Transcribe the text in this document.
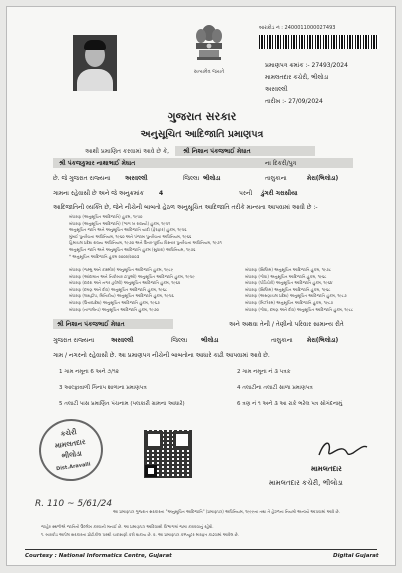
સત્યમેવ જયતે
બારકોડ નં : 2400011000027493
પ્રમાણપત્ર ક્રમાંક :- 27493/2024
મામલતદાર કચેરી, ભીલોડા
અરવલ્લી
તારીખ :- 27/09/2024
ગુજરાત સરકાર
અનુસૂચિત આદિજાતિ પ્રમાણપત્ર
આથી પ્રમાણિત કરવામાં આવે છે કે, શ્રી નિશાન પંકજભાઈ મેઘાત
શ્રી પંકજકુમાર નાથાભાઈ મેઘાત	ના દિકરી/પુત્ર
છે. જે ગુજરાત રાજ્યના અરવલ્લી	જિલ્લા ભીલોડા	તાલુકાના	મેરા(ભિલોડા)
ગામના રહેવાસી છે અને જે અનુક્રમાંક	4	પરની ડુંગરી ગરાસીયા
આદિજાતિની વ્યક્તિ છે, જેને નીચેની બાબતો હેઠળ અનુસૂચિત આદિજાતિ તરીકે માન્યતા આપવામાં આવી છે :-
બંધારણ (અનુસૂચિત આદિજાતિ) હુકમ, ૧૯૫૦
બંધારણ (અનુસૂચિત આદિજાતિ) (ભાગ ખ રાજ્યો) હુકમ, ૧૯૫૧
અનુસૂચિત જાતિ અને અનુસૂચિત આદિજાતિ યાદી (ફેરફાર) હુકમ, ૧૯૫૬
મુંબઈ પુનર્રચના અધિનિયમ, ૧૯૬૦ અને પંજાબ પુનર્રચના અધિનિયમ, ૧૯૬૬
હિમાચલ પ્રદેશ રાજ્ય અધિનિયમ, ૧૯૭૦ અને ઉત્તર-પૂર્વીય વિસ્તાર પુનર્રચના અધિનિયમ, ૧૯૭૧
અનુસૂચિત જાતિ અને અનુસૂચિત આદિજાતિ હુકમ (સુધારા) અધિનિયમ, ૧૯૭૬
* અનુસૂચિત આદિજાતિ હુકમ ૨૦૦૨/૨૦૦૩
બંધારણ (જમ્મુ અને કાશ્મીર) અનુસૂચિત આદિજાતિ હુકમ, ૧૯૮૯
બંધારણ (આંદામાન અને નિકોબાર ટાપુઓ) અનુસૂચિત આદિજાતિ હુકમ, ૧૯૫૯
બંધારણ (દાદરા અને નગર હવેલી) અનુસૂચિત આદિજાતિ હુકમ, ૧૯૬૨
બંધારણ (દમણ અને દીવ) અનુસૂચિત આદિજાતિ હુકમ, ૧૯૬૮
બંધારણ (લક્ષદ્વીપ, મિનિકોય) અનુસૂચિત આદિજાતિ હુકમ, ૧૯૫૬
બંધારણ (ઉત્તરપ્રદેશ) અનુસૂચિત આદિજાતિ હુકમ, ૧૯૬૭
બંધારણ (નાગાલેન્ડ) અનુસૂચિત આદિજાતિ હુકમ, ૧૯૭૦
બંધારણ (સિક્કિમ) અનુસૂચિત આદિજાતિ હુકમ, ૧૯૭૮
બંધારણ (ગોવા) અનુસૂચિત આદિજાતિ હુકમ, ૧૯૬૮
બંધારણ (પોંડિચેરી) અનુસૂચિત આદિજાતિ હુકમ, ૧૯૬૪
બંધારણ (સિક્કિમ) અનુસૂચિત આદિજાતિ હુકમ, ૧૯૬૮
બંધારણ (અરુણાચલ પ્રદેશ) અનુસૂચિત આદિજાતિ હુકમ, ૧૯૮૭
બંધારણ (મિઝોરમ) અનુસૂચિત આદિજાતિ હુકમ, ૧૯૮૭
બંધારણ (ગોવા, દમણ અને દીવ) અનુસૂચિત આદિજાતિ હુકમ, ૧૯૮૮
શ્રી નિશાન પંકજભાઈ મેઘાત	અને અથવા તેની / તેણીનો પરિવાર સામાન્ય રીતે
ગુજરાત રાજ્યના	અરવલ્લી	જિલ્લા ભીલોડા	તાલુકાના મેરા(ભિલોડા)
ગામ / નગરનો રહેવાસી છે. આ પ્રમાણપત્ર નીચેની બાબતોના આધારે કાઢી આપવામાં આવે છે.
1 ગામ નમૂના 6 અને ૭/૧૨	2 ગામ નમૂના નં ૩ પત્રક
3 આલ્ફાવાળી ગિનાપ શાળાના પ્રમાણપત્ર	4 તલાટીના તલાટી સાળા પ્રમાણપત્ર
5 તલાટી પાસ પ્રમાણિત પંચનામ (પલકારી ગ્રામના આધારે)	6 ત્રણ નં ૧ અને ૩ આ રાકે ભરેલ પત્ર સોગંદનામું
કચેરી
મામલતદાર
ભીલોડા
Dist.Aravalli	મામલતદાર
મામલતદાર કચેરી, ભીલોડા
R. 110 ~ 5/61/24
આ પ્રમાણપત્ર ગુજરાત સરકારના "અનુસૂચિત આદિજાતિ" (પ્રમાણપત્ર) અધિનિયમ, ૧૯૯૯ના તથા તે હેઠળના નિયમો અન્વયે આપવામાં આવે છે.
જાહેર સ્થળોએ જાતિનો ઉલ્લેખ કરવાની મનાઈ છે. આ પ્રમાણપત્ર આદિવાસી વિભાગમાં જમા કરાવવાનું રહેશે.
૧. બારકોડ આપેલ સરકારના પ્રોટોકોલ પરથી ચકાસણી કરી શકાય છે. ૨. આ પ્રમાણપત્ર કમ્પ્યૂટર મારફત કાઢવામાં આવેલ છે.
Courtesy : National Informatics Centre, Gujarat	Digital Gujarat
